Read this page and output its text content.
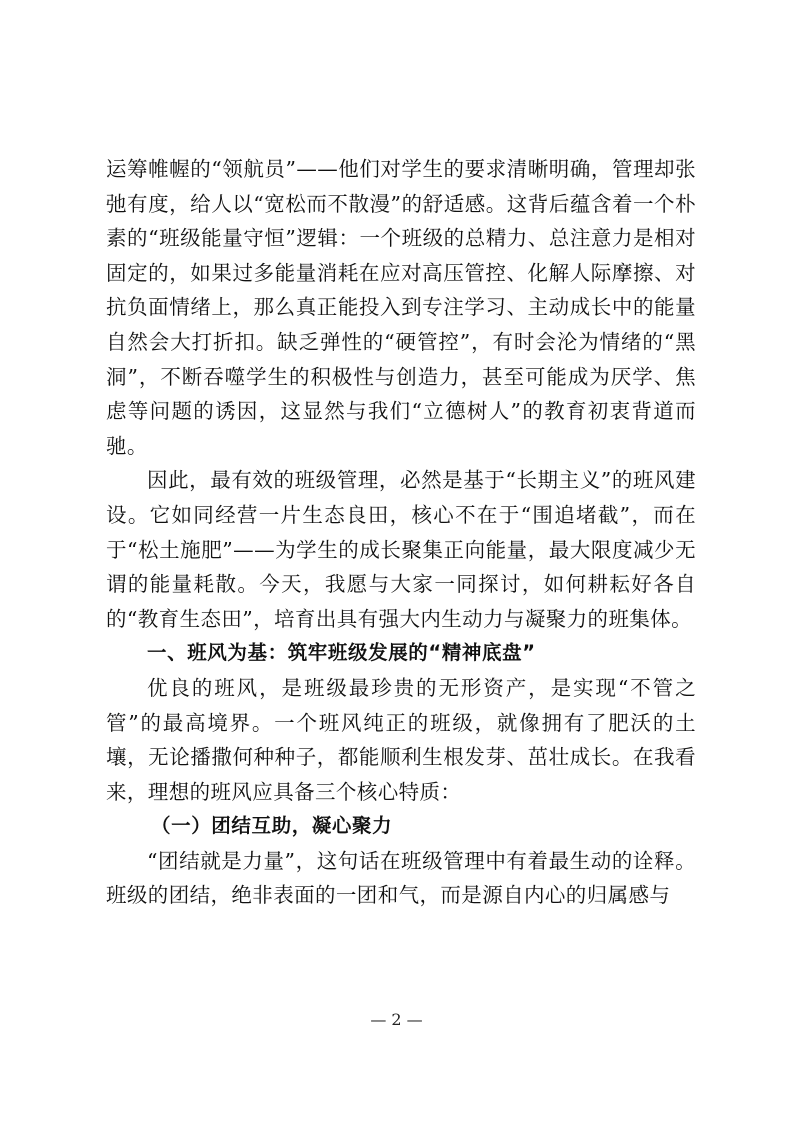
运筹帷幄的“领航员”——他们对学生的要求清晰明确，管理却张弛有度，给人以“宽松而不散漫”的舒适感。这背后蕴含着一个朴素的“班级能量守恒”逻辑：一个班级的总精力、总注意力是相对固定的，如果过多能量消耗在应对高压管控、化解人际摩擦、对抗负面情绪上，那么真正能投入到专注学习、主动成长中的能量自然会大打折扣。缺乏弹性的“硬管控”，有时会沦为情绪的“黑洞”，不断吞噬学生的积极性与创造力，甚至可能成为厌学、焦虑等问题的诱因，这显然与我们“立德树人”的教育初衷背道而驰。

因此，最有效的班级管理，必然是基于“长期主义”的班风建设。它如同经营一片生态良田，核心不在于“围追堵截”，而在于“松土施肥”——为学生的成长聚集正向能量，最大限度减少无谓的能量耗散。今天，我愿与大家一同探讨，如何耕耘好各自的“教育生态田”，培育出具有强大内生动力与凝聚力的班集体。

一、班风为基：筑牢班级发展的“精神底盘”

优良的班风，是班级最珍贵的无形资产，是实现“不管之管”的最高境界。一个班风纯正的班级，就像拥有了肥沃的土壤，无论播撒何种种子，都能顺利生根发芽、茁壮成长。在我看来，理想的班风应具备三个核心特质：

（一）团结互助，凝心聚力

“团结就是力量”，这句话在班级管理中有着最生动的诠释。班级的团结，绝非表面的一团和气，而是源自内心的归属感与

— 2 —
